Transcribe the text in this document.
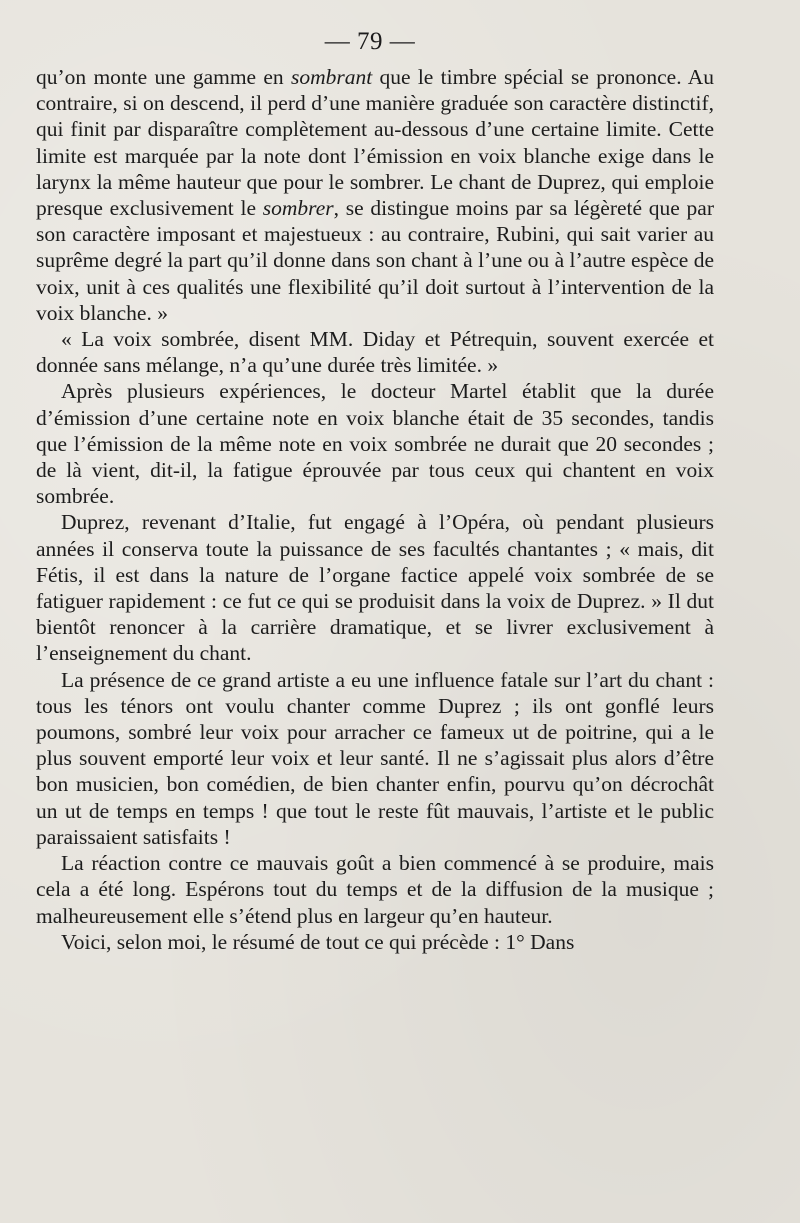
— 79 —

qu’on monte une gamme en sombrant que le timbre spécial se prononce. Au contraire, si on descend, il perd d’une manière graduée son caractère distinctif, qui finit par disparaître complètement au-dessous d’une certaine limite. Cette limite est marquée par la note dont l’émission en voix blanche exige dans le larynx la même hauteur que pour le sombrer. Le chant de Duprez, qui emploie presque exclusivement le sombrer, se distingue moins par sa légèreté que par son caractère imposant et majestueux : au contraire, Rubini, qui sait varier au suprême degré la part qu’il donne dans son chant à l’une ou à l’autre espèce de voix, unit à ces qualités une flexibilité qu’il doit surtout à l’intervention de la voix blanche. »

« La voix sombrée, disent MM. Diday et Pétrequin, souvent exercée et donnée sans mélange, n’a qu’une durée très limitée. »

Après plusieurs expériences, le docteur Martel établit que la durée d’émission d’une certaine note en voix blanche était de 35 secondes, tandis que l’émission de la même note en voix sombrée ne durait que 20 secondes ; de là vient, dit-il, la fatigue éprouvée par tous ceux qui chantent en voix sombrée.

Duprez, revenant d’Italie, fut engagé à l’Opéra, où pendant plusieurs années il conserva toute la puissance de ses facultés chantantes ; « mais, dit Fétis, il est dans la nature de l’organe factice appelé voix sombrée de se fatiguer rapidement : ce fut ce qui se produisit dans la voix de Duprez. » Il dut bientôt renoncer à la carrière dramatique, et se livrer exclusivement à l’enseignement du chant.

La présence de ce grand artiste a eu une influence fatale sur l’art du chant : tous les ténors ont voulu chanter comme Duprez ; ils ont gonflé leurs poumons, sombré leur voix pour arracher ce fameux ut de poitrine, qui a le plus souvent emporté leur voix et leur santé. Il ne s’agissait plus alors d’être bon musicien, bon comédien, de bien chanter enfin, pourvu qu’on décrochât un ut de temps en temps ! que tout le reste fût mauvais, l’artiste et le public paraissaient satisfaits !

La réaction contre ce mauvais goût a bien commencé à se produire, mais cela a été long. Espérons tout du temps et de la diffusion de la musique ; malheureusement elle s’étend plus en largeur qu’en hauteur.

Voici, selon moi, le résumé de tout ce qui précède : 1° Dans
